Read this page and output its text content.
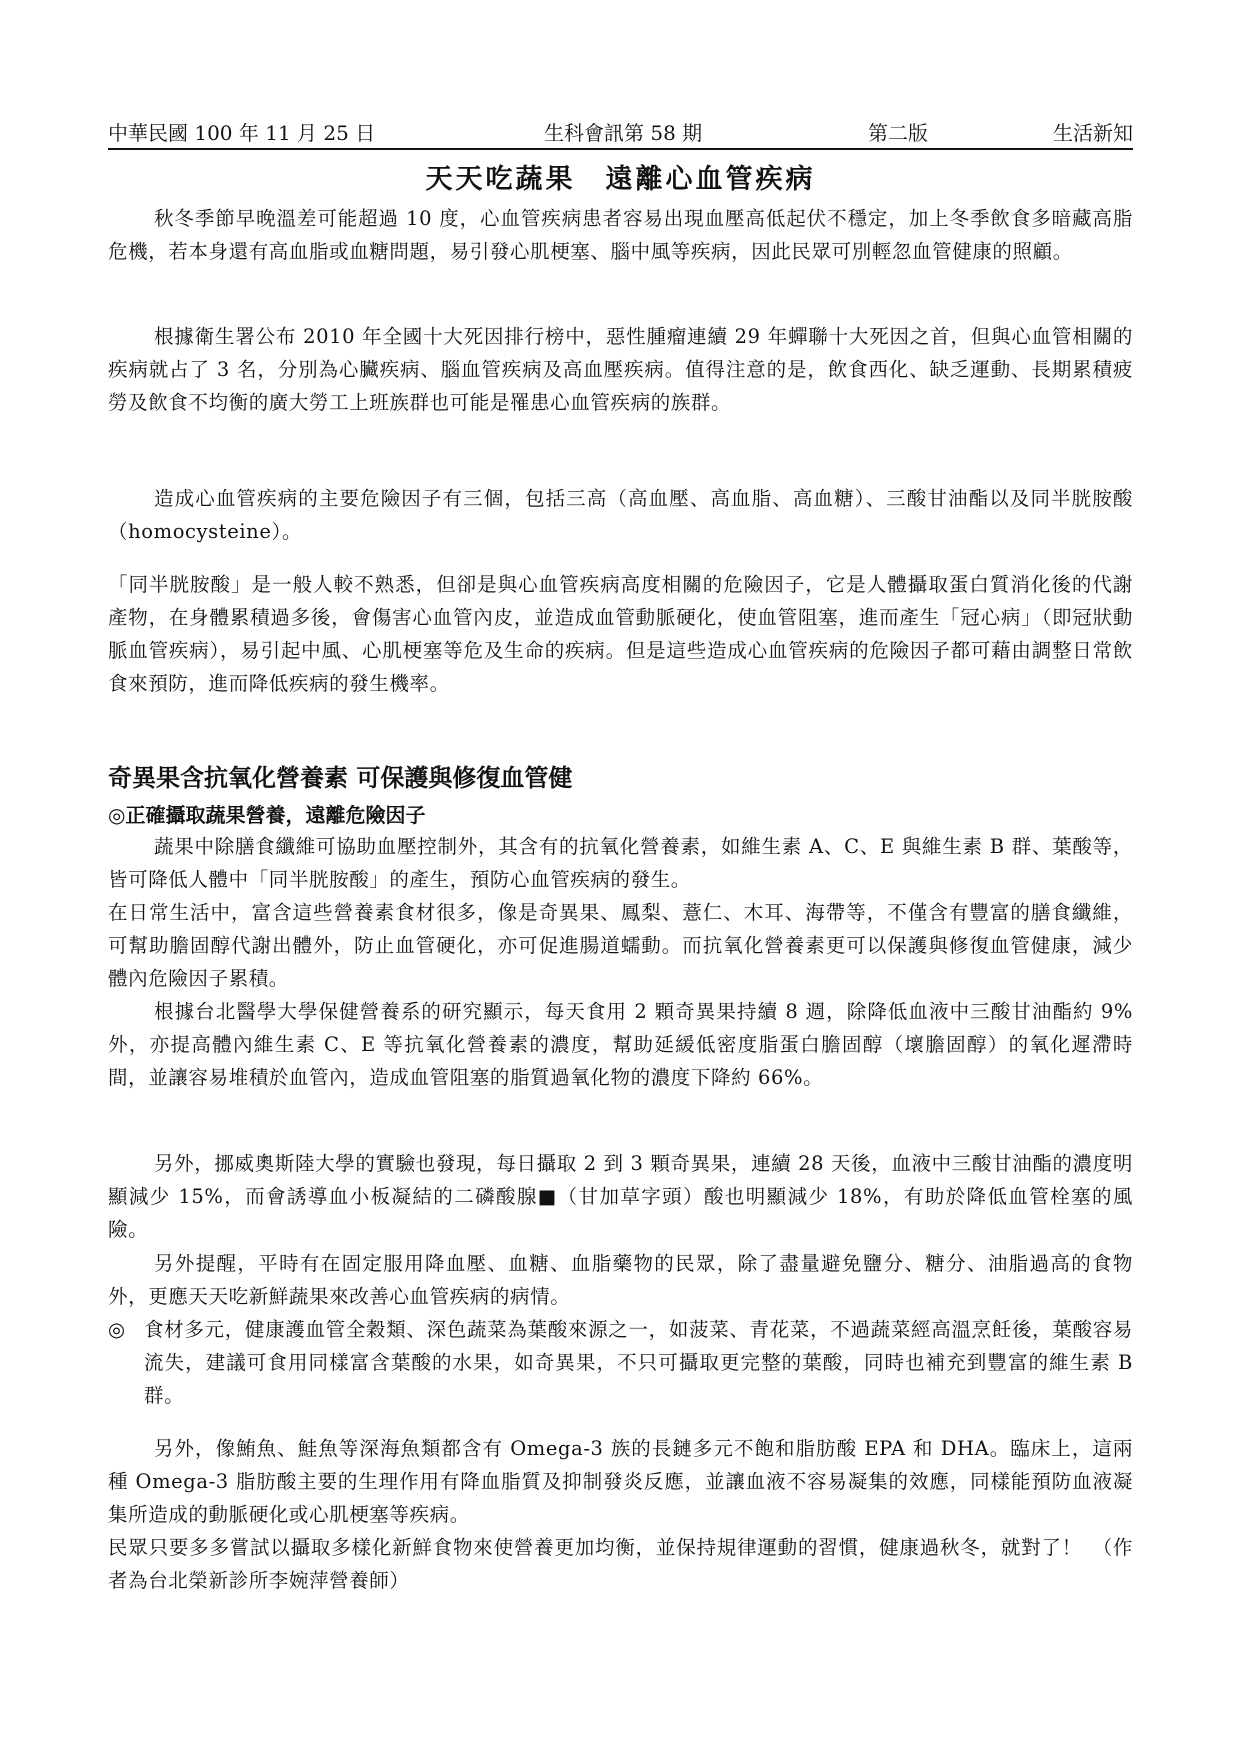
中華民國 100 年 11 月 25 日	生科會訊第 58 期	第二版	生活新知
天天吃蔬果　遠離心血管疾病

秋冬季節早晚溫差可能超過 10 度，心血管疾病患者容易出現血壓高低起伏不穩定，加上冬季飲食多暗藏高脂危機，若本身還有高血脂或血糖問題，易引發心肌梗塞、腦中風等疾病，因此民眾可別輕忽血管健康的照顧。

根據衛生署公布 2010 年全國十大死因排行榜中，惡性腫瘤連續 29 年蟬聯十大死因之首，但與心血管相關的疾病就占了 3 名，分別為心臟疾病、腦血管疾病及高血壓疾病。值得注意的是，飲食西化、缺乏運動、長期累積疲勞及飲食不均衡的廣大勞工上班族群也可能是罹患心血管疾病的族群。

造成心血管疾病的主要危險因子有三個，包括三高（高血壓、高血脂、高血糖）、三酸甘油酯以及同半胱胺酸（homocysteine）。

「同半胱胺酸」是一般人較不熟悉，但卻是與心血管疾病高度相關的危險因子，它是人體攝取蛋白質消化後的代謝產物，在身體累積過多後，會傷害心血管內皮，並造成血管動脈硬化，使血管阻塞，進而產生「冠心病」（即冠狀動脈血管疾病），易引起中風、心肌梗塞等危及生命的疾病。但是這些造成心血管疾病的危險因子都可藉由調整日常飲食來預防，進而降低疾病的發生機率。

奇異果含抗氧化營養素 可保護與修復血管健
◎正確攝取蔬果營養，遠離危險因子

蔬果中除膳食纖維可協助血壓控制外，其含有的抗氧化營養素，如維生素 A、C、E 與維生素 B 群、葉酸等，皆可降低人體中「同半胱胺酸」的產生，預防心血管疾病的發生。

在日常生活中，富含這些營養素食材很多，像是奇異果、鳳梨、薏仁、木耳、海帶等，不僅含有豐富的膳食纖維，可幫助膽固醇代謝出體外，防止血管硬化，亦可促進腸道蠕動。而抗氧化營養素更可以保護與修復血管健康，減少體內危險因子累積。

根據台北醫學大學保健營養系的研究顯示，每天食用 2 顆奇異果持續 8 週，除降低血液中三酸甘油酯約 9%外，亦提高體內維生素 C、E 等抗氧化營養素的濃度，幫助延緩低密度脂蛋白膽固醇（壞膽固醇）的氧化遲滯時間，並讓容易堆積於血管內，造成血管阻塞的脂質過氧化物的濃度下降約 66%。

另外，挪威奧斯陸大學的實驗也發現，每日攝取 2 到 3 顆奇異果，連續 28 天後，血液中三酸甘油酯的濃度明顯減少 15%，而會誘導血小板凝結的二磷酸腺■（甘加草字頭）酸也明顯減少 18%，有助於降低血管栓塞的風險。

另外提醒，平時有在固定服用降血壓、血糖、血脂藥物的民眾，除了盡量避免鹽分、糖分、油脂過高的食物外，更應天天吃新鮮蔬果來改善心血管疾病的病情。

◎ 食材多元，健康護血管全穀類、深色蔬菜為葉酸來源之一，如菠菜、青花菜，不過蔬菜經高溫烹飪後，葉酸容易流失，建議可食用同樣富含葉酸的水果，如奇異果，不只可攝取更完整的葉酸，同時也補充到豐富的維生素 B 群。

另外，像鮪魚、鮭魚等深海魚類都含有 Omega-3 族的長鏈多元不飽和脂肪酸 EPA 和 DHA。臨床上，這兩種 Omega-3 脂肪酸主要的生理作用有降血脂質及抑制發炎反應，並讓血液不容易凝集的效應，同樣能預防血液凝集所造成的動脈硬化或心肌梗塞等疾病。

民眾只要多多嘗試以攝取多樣化新鮮食物來使營養更加均衡，並保持規律運動的習慣，健康過秋冬，就對了！　（作者為台北榮新診所李婉萍營養師）
